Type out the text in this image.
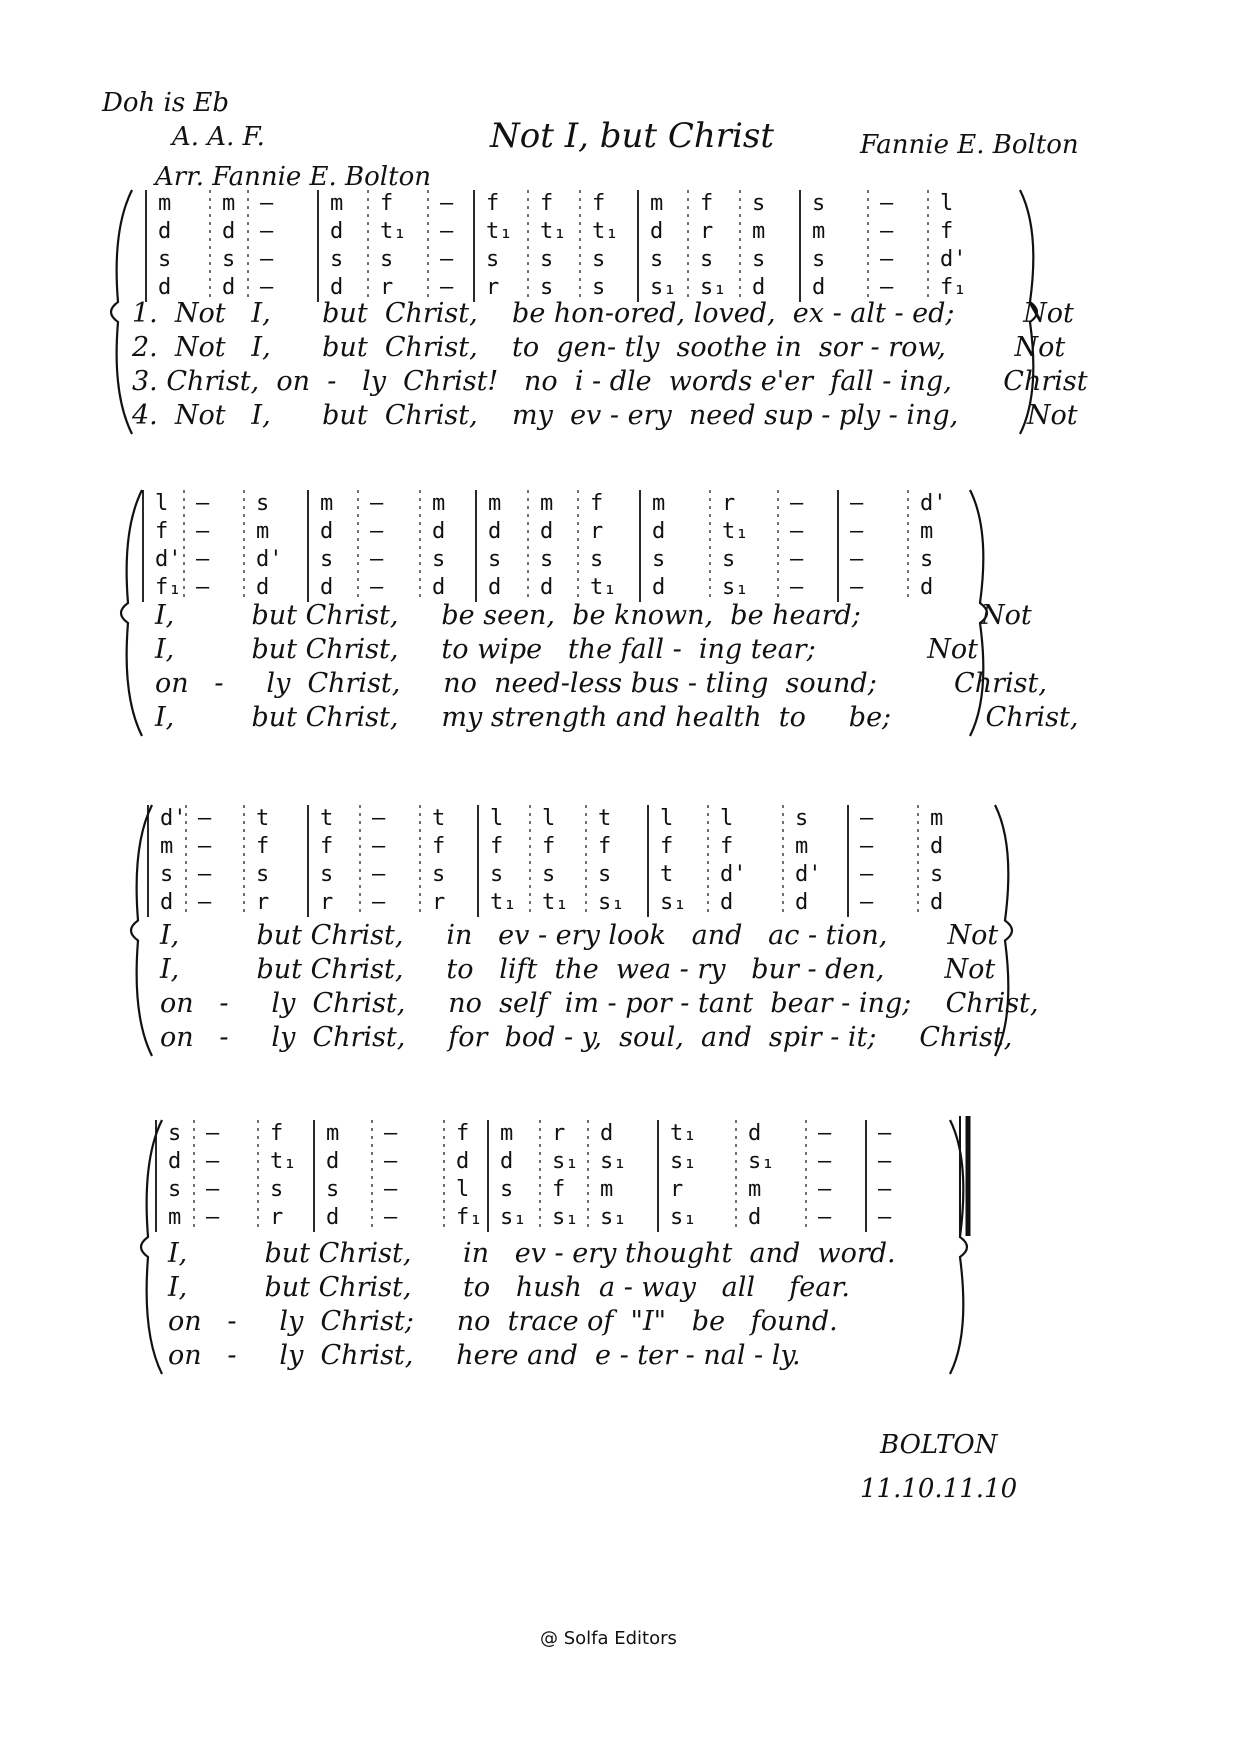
Doh is Eb
A. A. F.
Arr. Fannie E. Bolton
Not I, but Christ	Fannie E. Bolton
m m —	m f — f f f m f s s — l
d d —	d t₁ — t₁ t₁ t₁ d r m m — f
s s —	s s — s s s s s s s — d'
d d —	d r — r s s s₁ s₁ d d — f₁
1.  Not   I,      but  Christ,    be hon-ored, loved,  ex - alt - ed;        Not
2.  Not   I,      but  Christ,    to  gen- tly  soothe in  sor - row,        Not
3. Christ,  on  -   ly  Christ!   no  i - dle  words e'er  fall - ing,      Christ
4.  Not   I,      but  Christ,    my  ev - ery  need sup - ply - ing,        Not
l — s m — m m m f m	r — —	d'
f — m d — d d d r d	t₁ — —	m
d' — d' s — s s s s s	s — —	s
f₁ — d d — d d d t₁ d	s₁ — —	d
I,         but Christ,     be seen,  be known,  be heard;              Not
I,         but Christ,     to wipe   the fall -  ing tear;             Not
on   -     ly  Christ,     no  need-less bus - tling  sound;         Christ,
I,         but Christ,     my strength and health  to     be;           Christ,
d' — t t — t l l t l l	s —	m
m — f f — f f f f f f	m —	d
s — s s — s s s s t d' d' —	s
d — r r — r t₁ t₁ s₁ s₁ d	d —	d
I,         but Christ,     in   ev - ery look   and   ac - tion,       Not
I,         but Christ,     to   lift  the  wea - ry   bur - den,       Not
on   -     ly  Christ,     no  self  im - por - tant  bear - ing;    Christ,
on   -     ly  Christ,     for  bod - y,  soul,  and  spir - it;     Christ,
s — f m —	f m r d	t₁ d	— —
d — t₁ d —	d d s₁ s₁ s₁ s₁ — —
s — s s —	l s f m	r	m	— —
m — r d —	f₁ s₁ s₁ s₁ s₁ d	— —
I,         but Christ,      in   ev - ery thought  and  word.
I,         but Christ,      to   hush  a - way   all    fear.
on   -     ly  Christ;     no  trace of  "I"   be   found.
on   -     ly  Christ,     here and  e - ter - nal - ly.
BOLTON
11.10.11.10
@ Solfa Editors
